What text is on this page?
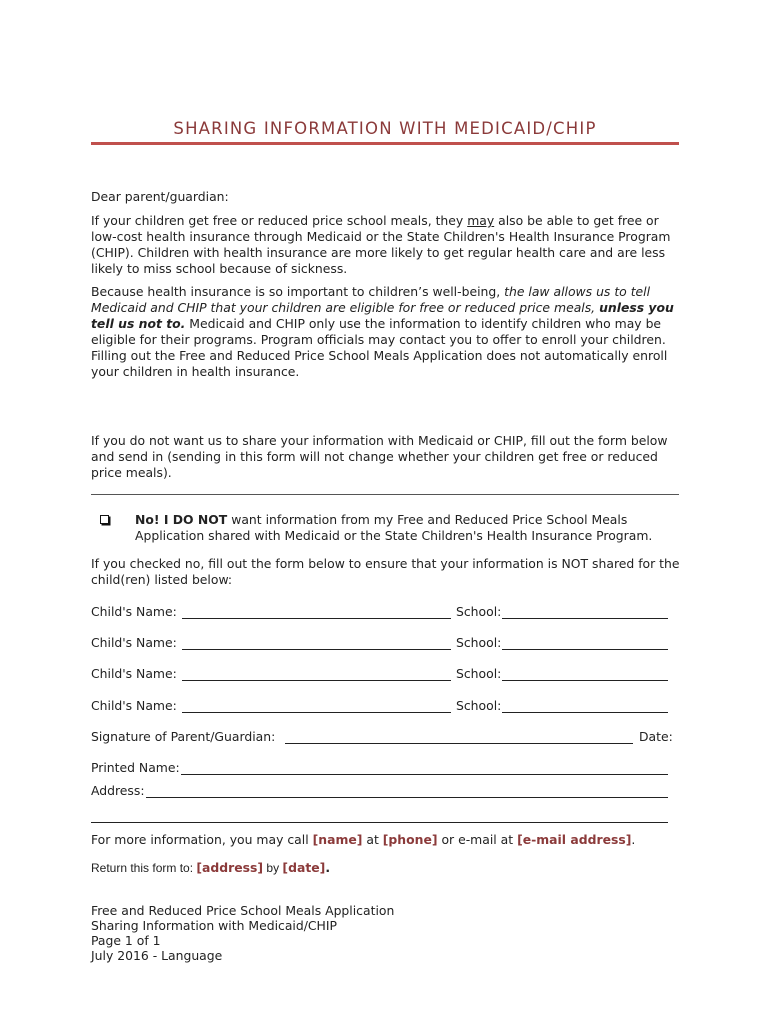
SHARING INFORMATION WITH MEDICAID/CHIP
Dear parent/guardian:
If your children get free or reduced price school meals, they may also be able to get free or low-cost health insurance through Medicaid or the State Children's Health Insurance Program (CHIP). Children with health insurance are more likely to get regular health care and are less likely to miss school because of sickness.
Because health insurance is so important to children’s well-being, the law allows us to tell Medicaid and CHIP that your children are eligible for free or reduced price meals, unless you tell us not to. Medicaid and CHIP only use the information to identify children who may be eligible for their programs. Program officials may contact you to offer to enroll your children. Filling out the Free and Reduced Price School Meals Application does not automatically enroll your children in health insurance.
If you do not want us to share your information with Medicaid or CHIP, fill out the form below and send in (sending in this form will not change whether your children get free or reduced price meals).
No! I DO NOT want information from my Free and Reduced Price School Meals Application shared with Medicaid or the State Children's Health Insurance Program.
If you checked no, fill out the form below to ensure that your information is NOT shared for the child(ren) listed below:
Child's Name:	School:
Child's Name:	School:
Child's Name:	School:
Child's Name:	School:
Signature of Parent/Guardian:	Date:
Printed Name:
Address:
For more information, you may call [name] at [phone] or e-mail at [e-mail address].
Return this form to: [address] by [date].
Free and Reduced Price School Meals Application
Sharing Information with Medicaid/CHIP
Page 1 of 1
July 2016 - Language
